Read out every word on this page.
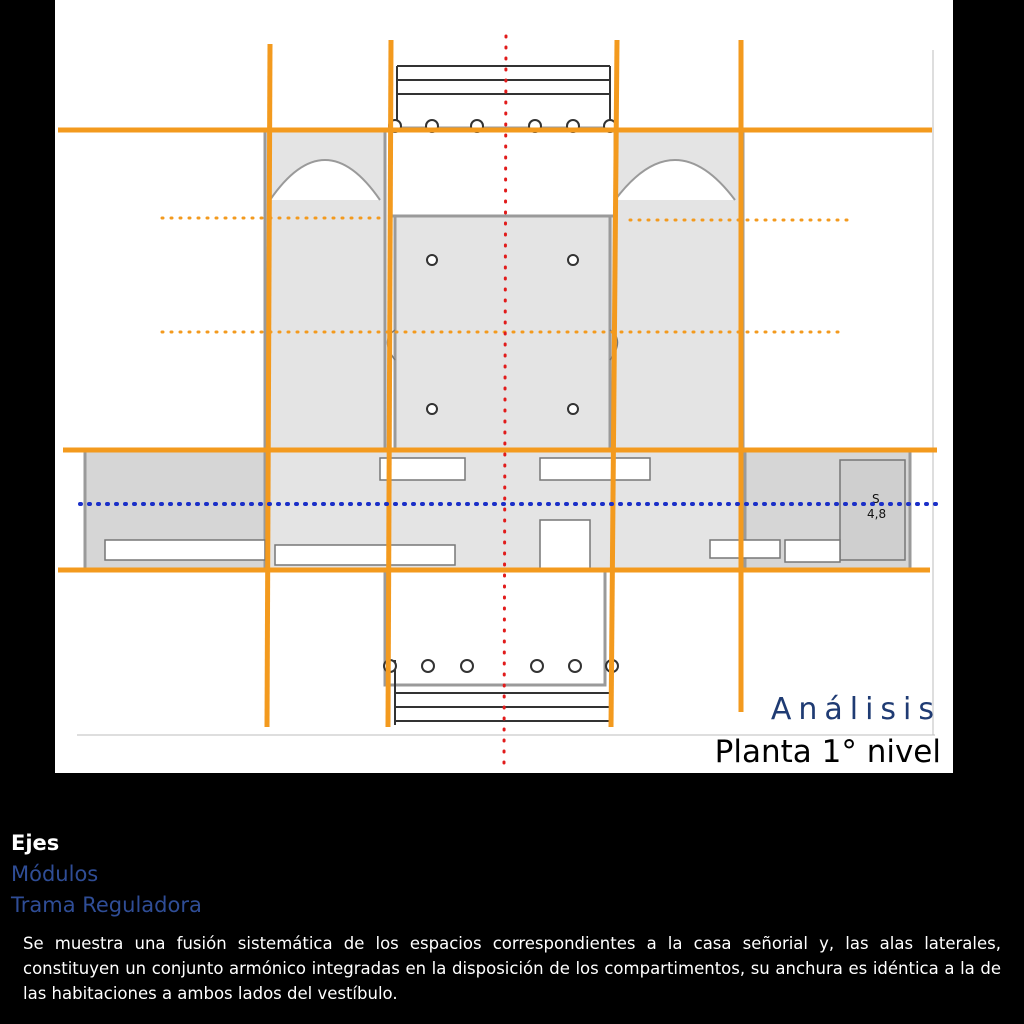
S
4,8
Análisis
Planta 1° nivel
Ejes
Módulos
Trama Reguladora
Se muestra una fusión sistemática de los espacios correspondientes a la casa señorial y, las alas laterales, constituyen un conjunto armónico integradas en la disposición de los compartimentos, su anchura es idéntica a la de las habitaciones a ambos lados del vestíbulo.
